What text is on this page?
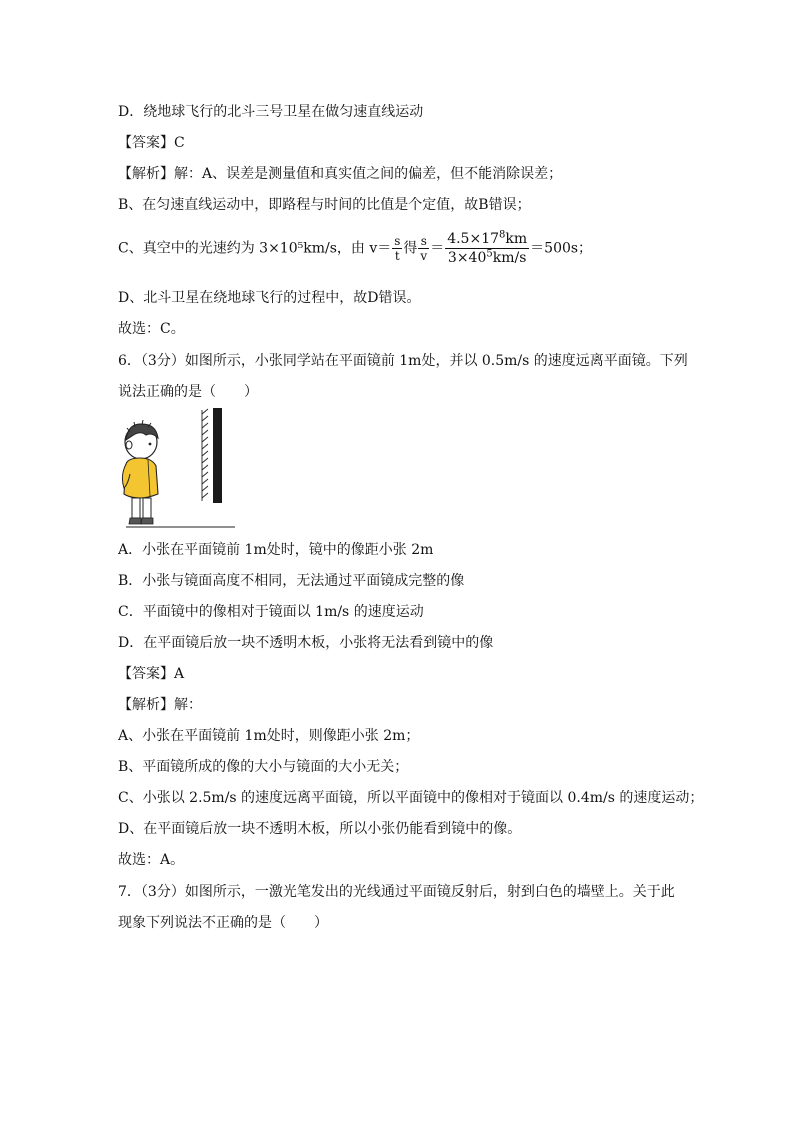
D．绕地球飞行的北斗三号卫星在做匀速直线运动
【答案】C
【解析】解：A、误差是测量值和真实值之间的偏差，但不能消除误差；
B、在匀速直线运动中，即路程与时间的比值是个定值，故B错误；
C、真空中的光速约为 3×10⁵km/s，由 $v= \frac{s}{t}$ 得 $\frac{s}{v} = \frac{4.5\times 17^8km}{3\times 40^5km/s} =500s$；
D、北斗卫星在绕地球飞行的过程中，故D错误。
故选：C。
6．（3分）如图所示，小张同学站在平面镜前 1m处，并以 0.5m/s 的速度远离平面镜。下列
说法正确的是（　　）
A．小张在平面镜前 1m处时，镜中的像距小张 2m
B．小张与镜面高度不相同，无法通过平面镜成完整的像
C．平面镜中的像相对于镜面以 1m/s 的速度运动
D．在平面镜后放一块不透明木板，小张将无法看到镜中的像
【答案】A
【解析】解：
A、小张在平面镜前 1m处时，则像距小张 2m；
B、平面镜所成的像的大小与镜面的大小无关；
C、小张以 2.5m/s 的速度远离平面镜，所以平面镜中的像相对于镜面以 0.4m/s 的速度运动；
D、在平面镜后放一块不透明木板，所以小张仍能看到镜中的像。
故选：A。
7．（3分）如图所示，一激光笔发出的光线通过平面镜反射后，射到白色的墙壁上。关于此
现象下列说法不正确的是（　　）
